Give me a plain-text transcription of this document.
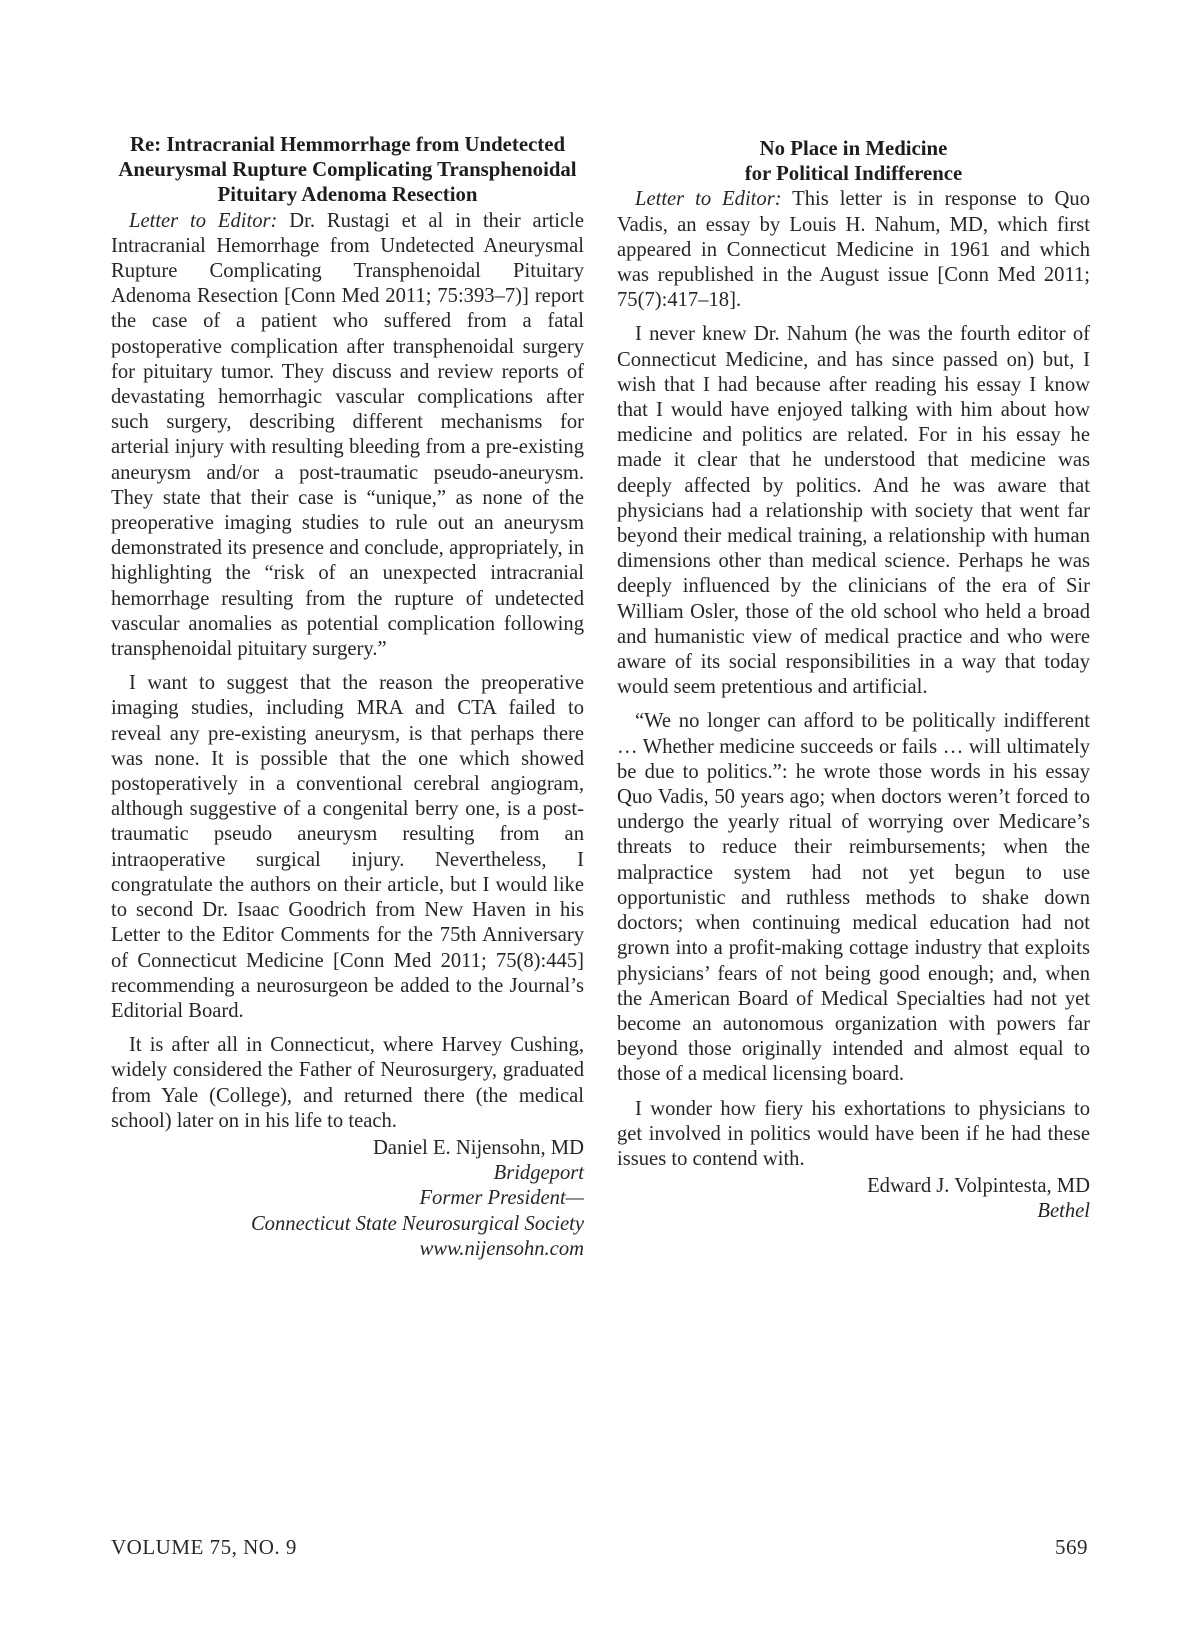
Re: Intracranial Hemmorrhage from Undetected
Aneurysmal Rupture Complicating Transphenoidal
Pituitary Adenoma Resection

Letter to Editor: Dr. Rustagi et al in their article Intracranial Hemorrhage from Undetected Aneurysmal Rupture Complicating Transphenoidal Pituitary Adenoma Resection [Conn Med 2011; 75:393–7)] report the case of a patient who suffered from a fatal postoperative complication after transphenoidal surgery for pituitary tumor. They discuss and review reports of devastating hemorrhagic vascular complications after such surgery, describing different mechanisms for arterial injury with resulting bleeding from a pre-existing aneurysm and/or a post-traumatic pseudo-aneurysm. They state that their case is “unique,” as none of the preoperative imaging studies to rule out an aneurysm demonstrated its presence and conclude, appropriately, in highlighting the “risk of an unexpected intracranial hemorrhage resulting from the rupture of undetected vascular anomalies as potential complication following transphenoidal pituitary surgery.”

I want to suggest that the reason the preoperative imaging studies, including MRA and CTA failed to reveal any pre-existing aneurysm, is that perhaps there was none. It is possible that the one which showed postoperatively in a conventional cerebral angiogram, although suggestive of a congenital berry one, is a post-traumatic pseudo aneurysm resulting from an intraoperative surgical injury. Nevertheless, I congratulate the authors on their article, but I would like to second Dr. Isaac Goodrich from New Haven in his Letter to the Editor Comments for the 75th Anniversary of Connecticut Medicine [Conn Med 2011; 75(8):445] recommending a neurosurgeon be added to the Journal’s Editorial Board.

It is after all in Connecticut, where Harvey Cushing, widely considered the Father of Neurosurgery, graduated from Yale (College), and returned there (the medical school) later on in his life to teach.

Daniel E. Nijensohn, MD
Bridgeport
Former President—
Connecticut State Neurosurgical Society
www.nijensohn.com
No Place in Medicine
for Political Indifference

Letter to Editor: This letter is in response to Quo Vadis, an essay by Louis H. Nahum, MD, which first appeared in Connecticut Medicine in 1961 and which was republished in the August issue [Conn Med 2011; 75(7):417–18].

I never knew Dr. Nahum (he was the fourth editor of Connecticut Medicine, and has since passed on) but, I wish that I had because after reading his essay I know that I would have enjoyed talking with him about how medicine and politics are related. For in his essay he made it clear that he understood that medicine was deeply affected by politics. And he was aware that physicians had a relationship with society that went far beyond their medical training, a relationship with human dimensions other than medical science. Perhaps he was deeply influenced by the clinicians of the era of Sir William Osler, those of the old school who held a broad and humanistic view of medical practice and who were aware of its social responsibilities in a way that today would seem pretentious and artificial.

“We no longer can afford to be politically indifferent … Whether medicine succeeds or fails … will ultimately be due to politics.”: he wrote those words in his essay Quo Vadis, 50 years ago; when doctors weren’t forced to undergo the yearly ritual of worrying over Medicare’s threats to reduce their reimbursements; when the malpractice system had not yet begun to use opportunistic and ruthless methods to shake down doctors; when continuing medical education had not grown into a profit-making cottage industry that exploits physicians’ fears of not being good enough; and, when the American Board of Medical Specialties had not yet become an autonomous organization with powers far beyond those originally intended and almost equal to those of a medical licensing board.

I wonder how fiery his exhortations to physicians to get involved in politics would have been if he had these issues to contend with.

Edward J. Volpintesta, MD
Bethel
VOLUME 75, NO. 9	569
